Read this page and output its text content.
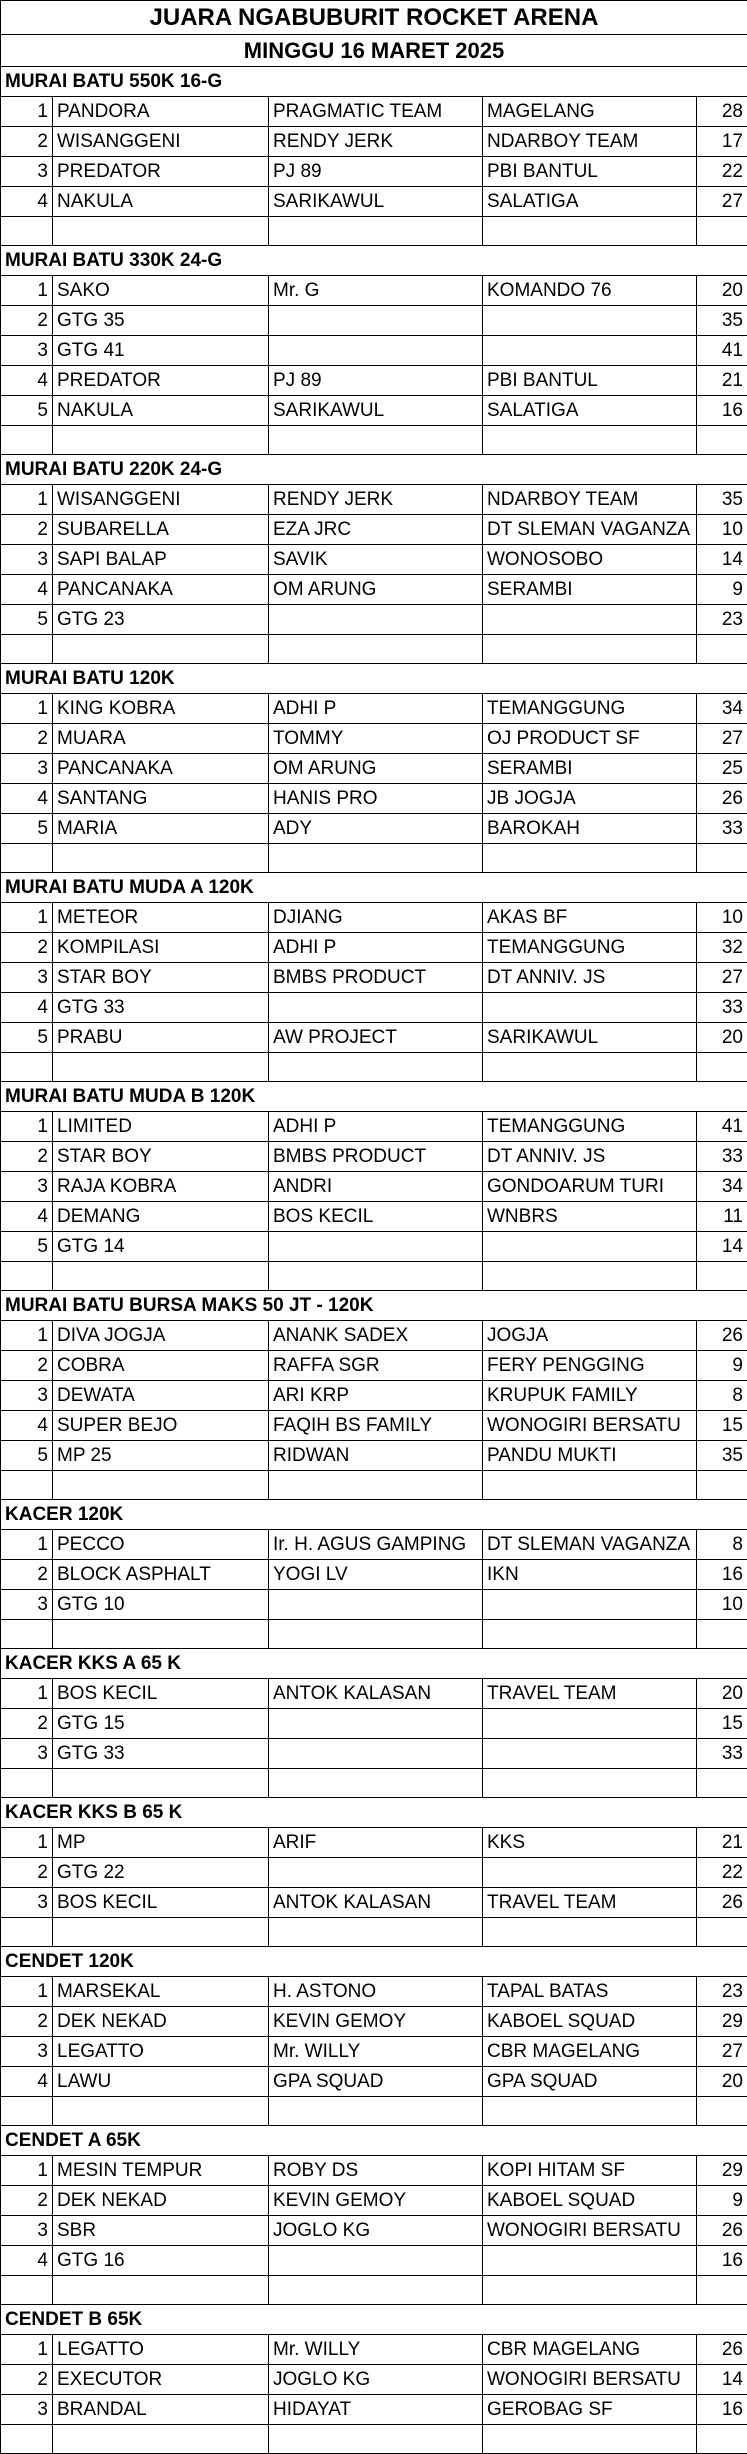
JUARA NGABUBURIT ROCKET ARENA				
MINGGU 16 MARET 2025				
MURAI BATU 550K 16-G				
1	PANDORA	PRAGMATIC TEAM	MAGELANG	28
2	WISANGGENI	RENDY JERK	NDARBOY TEAM	17
3	PREDATOR	PJ 89	PBI BANTUL	22
4	NAKULA	SARIKAWUL	SALATIGA	27

MURAI BATU 330K 24-G				
1	SAKO	Mr. G	KOMANDO 76	20
2	GTG 35			35
3	GTG 41			41
4	PREDATOR	PJ 89	PBI BANTUL	21
5	NAKULA	SARIKAWUL	SALATIGA	16

MURAI BATU 220K 24-G				
1	WISANGGENI	RENDY JERK	NDARBOY TEAM	35
2	SUBARELLA	EZA JRC	DT SLEMAN VAGANZA	10
3	SAPI BALAP	SAVIK	WONOSOBO	14
4	PANCANAKA	OM ARUNG	SERAMBI	9
5	GTG 23			23

MURAI BATU 120K				
1	KING KOBRA	ADHI P	TEMANGGUNG	34
2	MUARA	TOMMY	OJ PRODUCT SF	27
3	PANCANAKA	OM ARUNG	SERAMBI	25
4	SANTANG	HANIS PRO	JB JOGJA	26
5	MARIA	ADY	BAROKAH	33

MURAI BATU MUDA A 120K				
1	METEOR	DJIANG	AKAS BF	10
2	KOMPILASI	ADHI P	TEMANGGUNG	32
3	STAR BOY	BMBS PRODUCT	DT ANNIV. JS	27
4	GTG 33			33
5	PRABU	AW PROJECT	SARIKAWUL	20

MURAI BATU MUDA B 120K				
1	LIMITED	ADHI P	TEMANGGUNG	41
2	STAR BOY	BMBS PRODUCT	DT ANNIV. JS	33
3	RAJA KOBRA	ANDRI	GONDOARUM TURI	34
4	DEMANG	BOS KECIL	WNBRS	11
5	GTG 14			14

MURAI BATU BURSA MAKS 50 JT - 120K				
1	DIVA JOGJA	ANANK SADEX	JOGJA	26
2	COBRA	RAFFA SGR	FERY PENGGING	9
3	DEWATA	ARI KRP	KRUPUK FAMILY	8
4	SUPER BEJO	FAQIH BS FAMILY	WONOGIRI BERSATU	15
5	MP 25	RIDWAN	PANDU MUKTI	35

KACER 120K				
1	PECCO	Ir. H. AGUS GAMPING	DT SLEMAN VAGANZA	8
2	BLOCK ASPHALT	YOGI LV	IKN	16
3	GTG 10			10

KACER KKS A 65 K				
1	BOS KECIL	ANTOK KALASAN	TRAVEL TEAM	20
2	GTG 15			15
3	GTG 33			33

KACER KKS B 65 K				
1	MP	ARIF	KKS	21
2	GTG 22			22
3	BOS KECIL	ANTOK KALASAN	TRAVEL TEAM	26

CENDET 120K				
1	MARSEKAL	H. ASTONO	TAPAL BATAS	23
2	DEK NEKAD	KEVIN GEMOY	KABOEL SQUAD	29
3	LEGATTO	Mr. WILLY	CBR MAGELANG	27
4	LAWU	GPA SQUAD	GPA SQUAD	20

CENDET A 65K				
1	MESIN TEMPUR	ROBY DS	KOPI HITAM SF	29
2	DEK NEKAD	KEVIN GEMOY	KABOEL SQUAD	9
3	SBR	JOGLO KG	WONOGIRI BERSATU	26
4	GTG 16			16

CENDET B 65K				
1	LEGATTO	Mr. WILLY	CBR MAGELANG	26
2	EXECUTOR	JOGLO KG	WONOGIRI BERSATU	14
3	BRANDAL	HIDAYAT	GEROBAG SF	16
